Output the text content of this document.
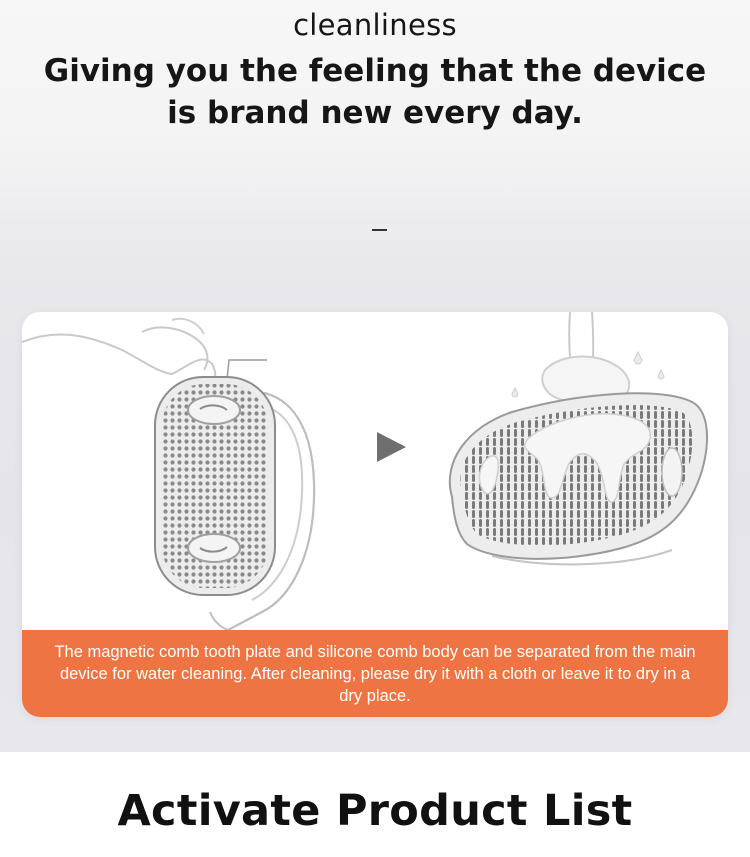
cleanliness
Giving you the feeling that the device is brand new every day.
The magnetic comb tooth plate and silicone comb body can be separated from the main device for water cleaning. After cleaning, please dry it with a cloth or leave it to dry in a dry place.
Activate Product List
